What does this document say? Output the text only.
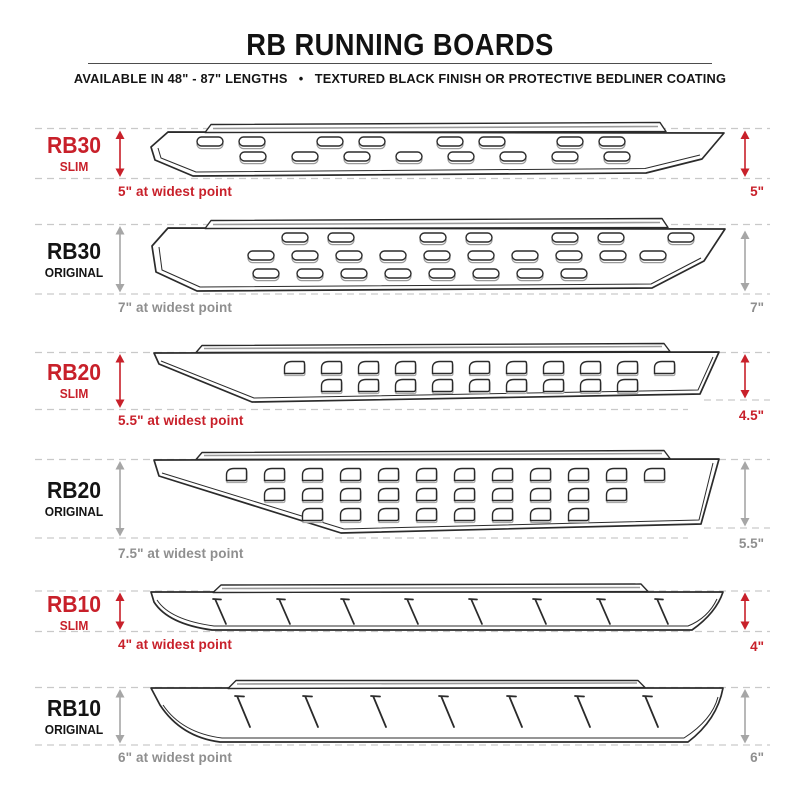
RB RUNNING BOARDS
AVAILABLE IN 48" - 87" LENGTHS   •   TEXTURED BLACK FINISH OR PROTECTIVE BEDLINER COATING
RB30
SLIM
5" at widest point	5"
RB30
ORIGINAL
7" at widest point	7"
RB20
SLIM
5.5" at widest point	4.5"
RB20
ORIGINAL
7.5" at widest point
5.5"
RB10
SLIM
4" at widest point	4"
RB10
ORIGINAL
6" at widest point	6"
